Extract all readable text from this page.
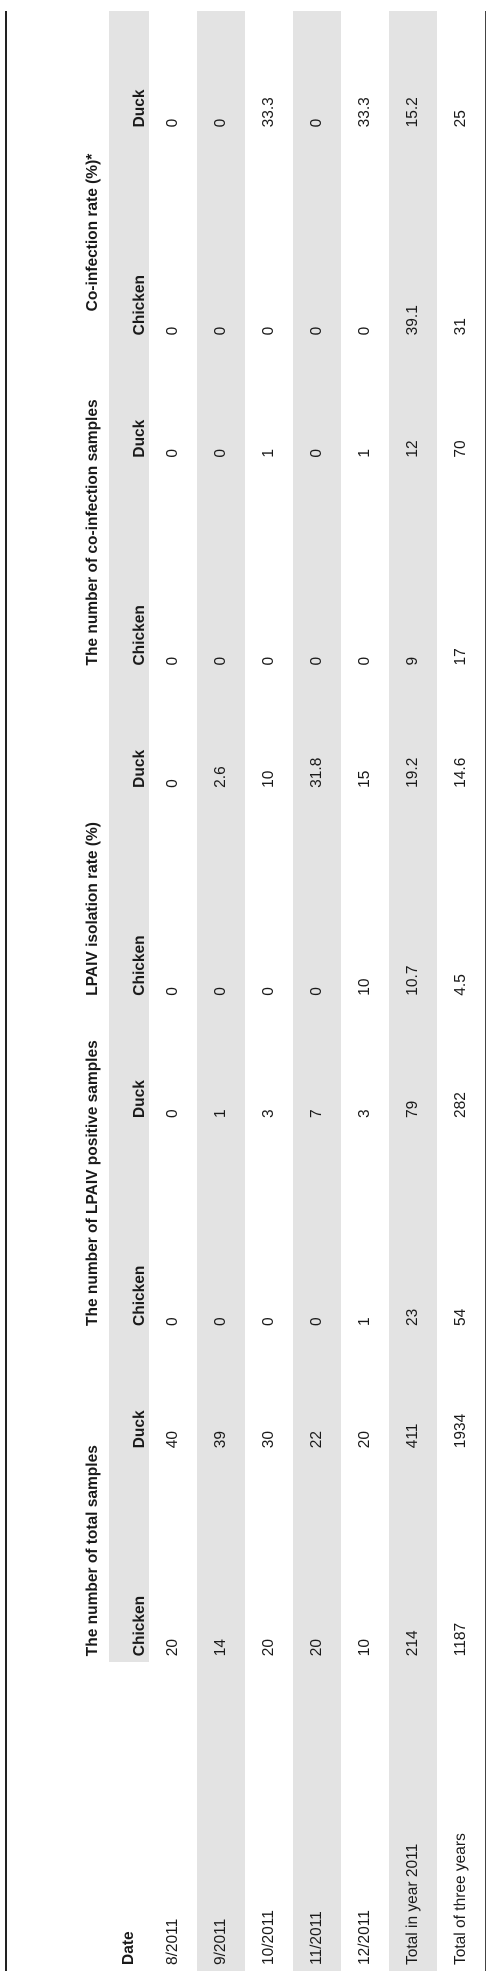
Date	The number of total samples		The number of LPAIV positive samples		LPAIV isolation rate (%)		The number of co-infection samples		Co-infection rate (%)*	
	Chicken	Duck	Chicken	Duck	Chicken	Duck	Chicken	Duck	Chicken	Duck
8/2011	20	40	0	0	0	0	0	0	0	0
9/2011	14	39	0	1	0	2.6	0	0	0	0
10/2011	20	30	0	3	0	10	0	1	0	33.3
11/2011	20	22	0	7	0	31.8	0	0	0	0
12/2011	10	20	1	3	10	15	0	1	0	33.3
Total in year 2011	214	411	23	79	10.7	19.2	9	12	39.1	15.2
Total of three years	1187	1934	54	282	4.5	14.6	17	70	31	25
